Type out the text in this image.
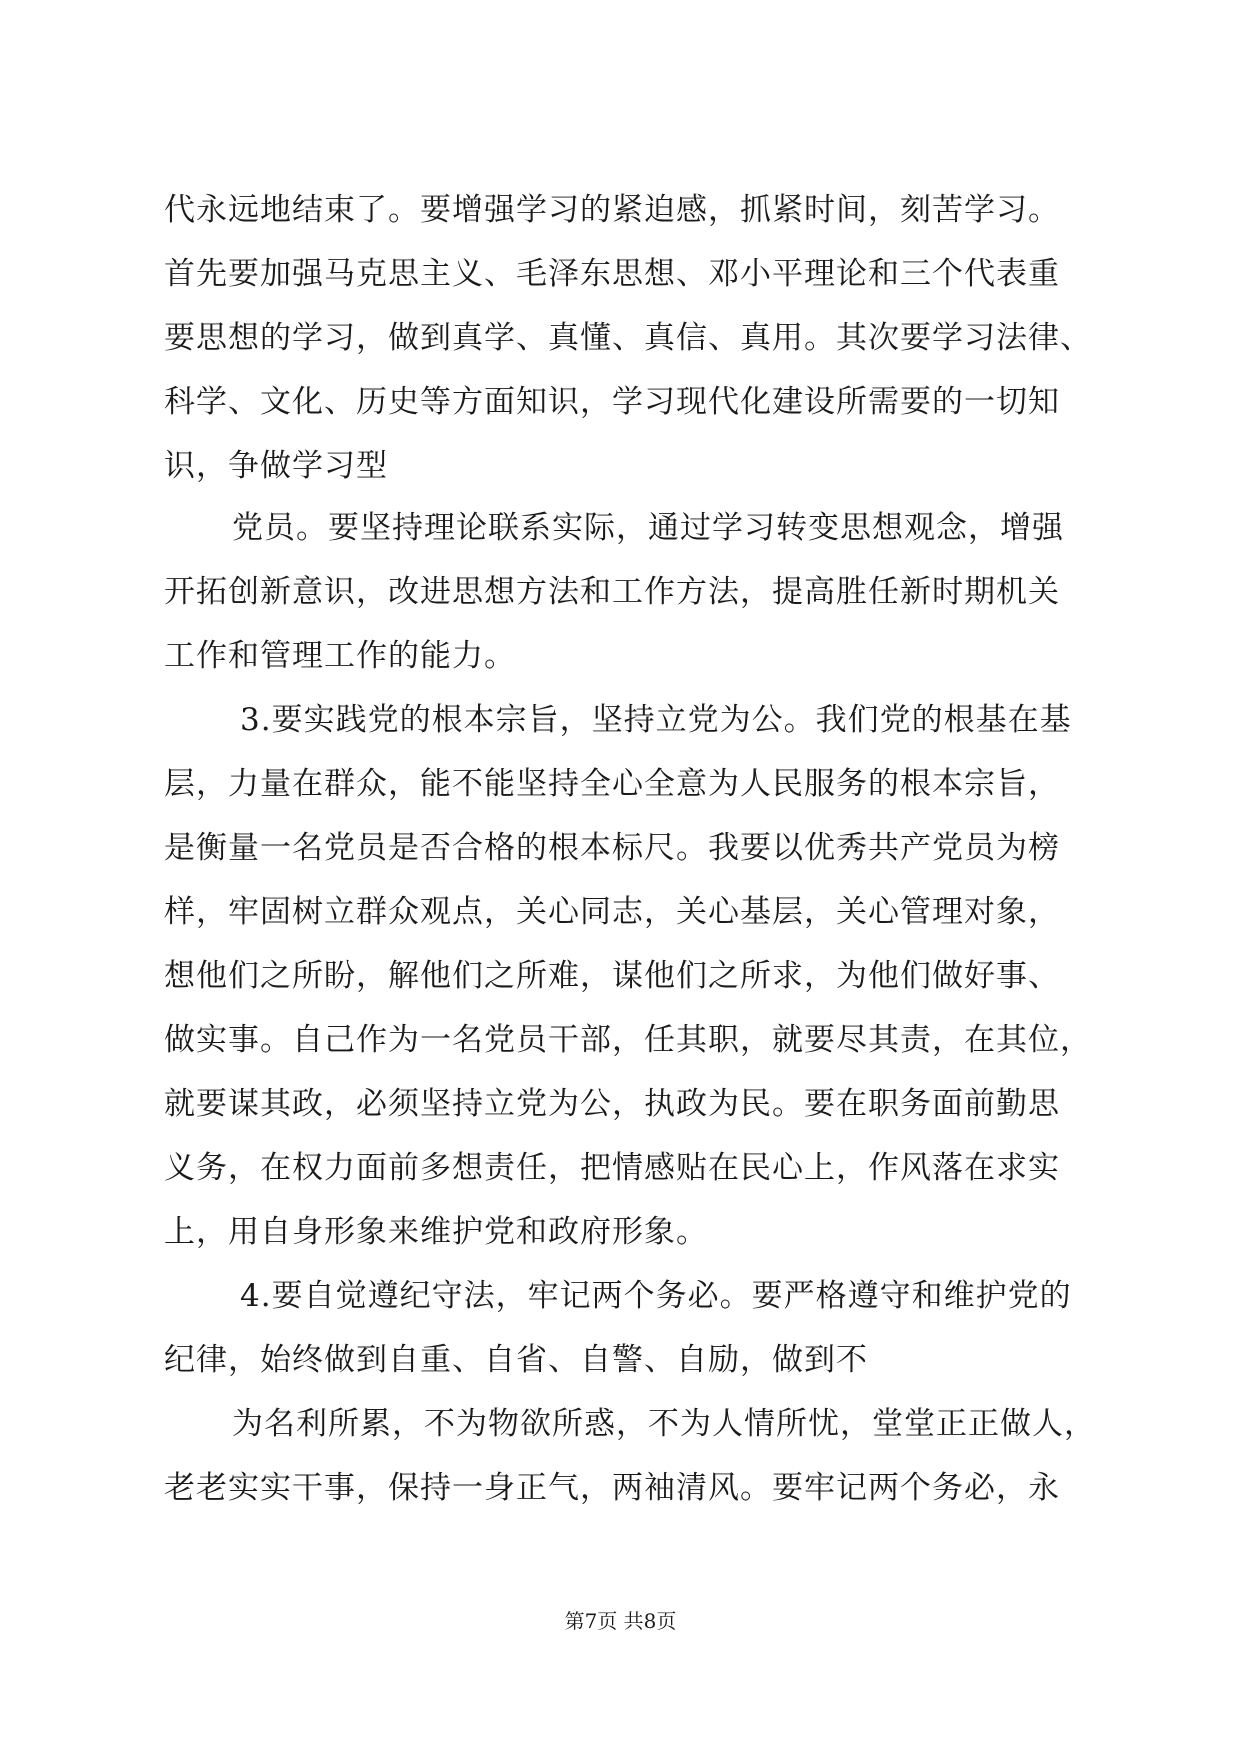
代永远地结束了。要增强学习的紧迫感，抓紧时间，刻苦学习。
首先要加强马克思主义、毛泽东思想、邓小平理论和三个代表重
要思想的学习，做到真学、真懂、真信、真用。其次要学习法律、
科学、文化、历史等方面知识，学习现代化建设所需要的一切知
识，争做学习型
党员。要坚持理论联系实际，通过学习转变思想观念，增强
开拓创新意识，改进思想方法和工作方法，提高胜任新时期机关
工作和管理工作的能力。
3.要实践党的根本宗旨，坚持立党为公。我们党的根基在基
层，力量在群众，能不能坚持全心全意为人民服务的根本宗旨，
是衡量一名党员是否合格的根本标尺。我要以优秀共产党员为榜
样，牢固树立群众观点，关心同志，关心基层，关心管理对象，
想他们之所盼，解他们之所难，谋他们之所求，为他们做好事、
做实事。自己作为一名党员干部，任其职，就要尽其责，在其位，
就要谋其政，必须坚持立党为公，执政为民。要在职务面前勤思
义务，在权力面前多想责任，把情感贴在民心上，作风落在求实
上，用自身形象来维护党和政府形象。
4.要自觉遵纪守法，牢记两个务必。要严格遵守和维护党的
纪律，始终做到自重、自省、自警、自励，做到不
为名利所累，不为物欲所惑，不为人情所忧，堂堂正正做人，
老老实实干事，保持一身正气，两袖清风。要牢记两个务必，永
第7页 共8页
